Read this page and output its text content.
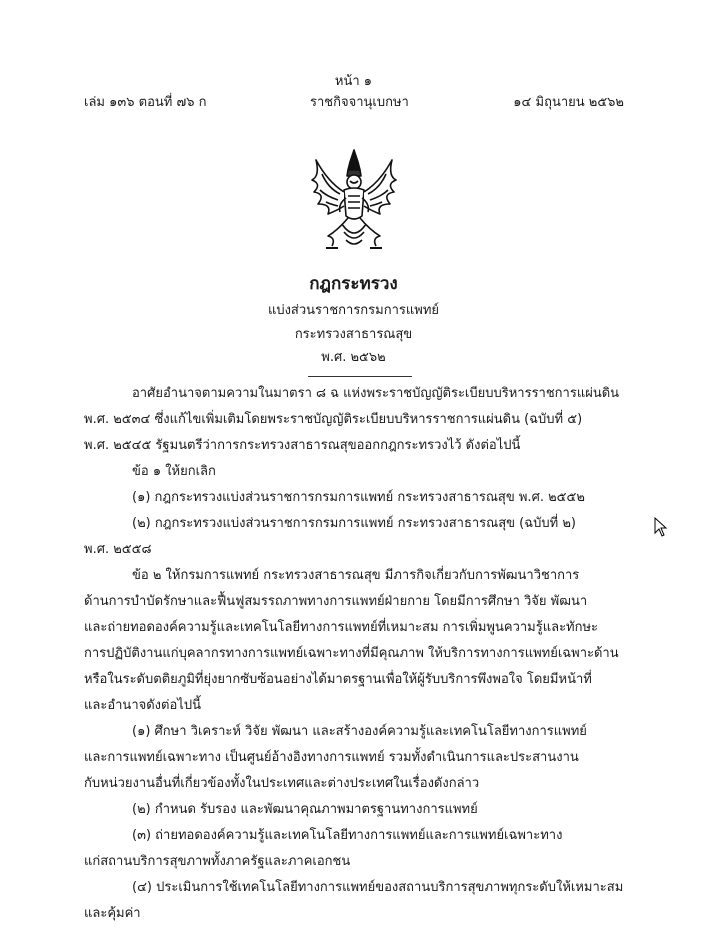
หน้า ๑
เล่ม ๑๓๖ ตอนที่ ๗๖ ก	ราชกิจจานุเบกษา	๑๔ มิถุนายน ๒๕๖๒
กฎกระทรวง
แบ่งส่วนราชการกรมการแพทย์
กระทรวงสาธารณสุข
พ.ศ. ๒๕๖๒
อาศัยอำนาจตามความในมาตรา ๘ ฉ แห่งพระราชบัญญัติระเบียบบริหารราชการแผ่นดิน
พ.ศ. ๒๕๓๔ ซึ่งแก้ไขเพิ่มเติมโดยพระราชบัญญัติระเบียบบริหารราชการแผ่นดิน (ฉบับที่ ๕)
พ.ศ. ๒๕๔๕ รัฐมนตรีว่าการกระทรวงสาธารณสุขออกกฎกระทรวงไว้ ดังต่อไปนี้
ข้อ ๑ ให้ยกเลิก
(๑) กฎกระทรวงแบ่งส่วนราชการกรมการแพทย์ กระทรวงสาธารณสุข พ.ศ. ๒๕๕๒
(๒) กฎกระทรวงแบ่งส่วนราชการกรมการแพทย์ กระทรวงสาธารณสุข (ฉบับที่ ๒)
พ.ศ. ๒๕๕๘
ข้อ ๒ ให้กรมการแพทย์ กระทรวงสาธารณสุข มีภารกิจเกี่ยวกับการพัฒนาวิชาการ
ด้านการบำบัดรักษาและฟื้นฟูสมรรถภาพทางการแพทย์ฝ่ายกาย โดยมีการศึกษา วิจัย พัฒนา
และถ่ายทอดองค์ความรู้และเทคโนโลยีทางการแพทย์ที่เหมาะสม การเพิ่มพูนความรู้และทักษะ
การปฏิบัติงานแก่บุคลากรทางการแพทย์เฉพาะทางที่มีคุณภาพ ให้บริการทางการแพทย์เฉพาะด้าน
หรือในระดับตติยภูมิที่ยุ่งยากซับซ้อนอย่างได้มาตรฐานเพื่อให้ผู้รับบริการพึงพอใจ โดยมีหน้าที่
และอำนาจดังต่อไปนี้
(๑) ศึกษา วิเคราะห์ วิจัย พัฒนา และสร้างองค์ความรู้และเทคโนโลยีทางการแพทย์
และการแพทย์เฉพาะทาง เป็นศูนย์อ้างอิงทางการแพทย์ รวมทั้งดำเนินการและประสานงาน
กับหน่วยงานอื่นที่เกี่ยวข้องทั้งในประเทศและต่างประเทศในเรื่องดังกล่าว
(๒) กำหนด รับรอง และพัฒนาคุณภาพมาตรฐานทางการแพทย์
(๓) ถ่ายทอดองค์ความรู้และเทคโนโลยีทางการแพทย์และการแพทย์เฉพาะทาง
แก่สถานบริการสุขภาพทั้งภาครัฐและภาคเอกชน
(๔) ประเมินการใช้เทคโนโลยีทางการแพทย์ของสถานบริการสุขภาพทุกระดับให้เหมาะสม
และคุ้มค่า
